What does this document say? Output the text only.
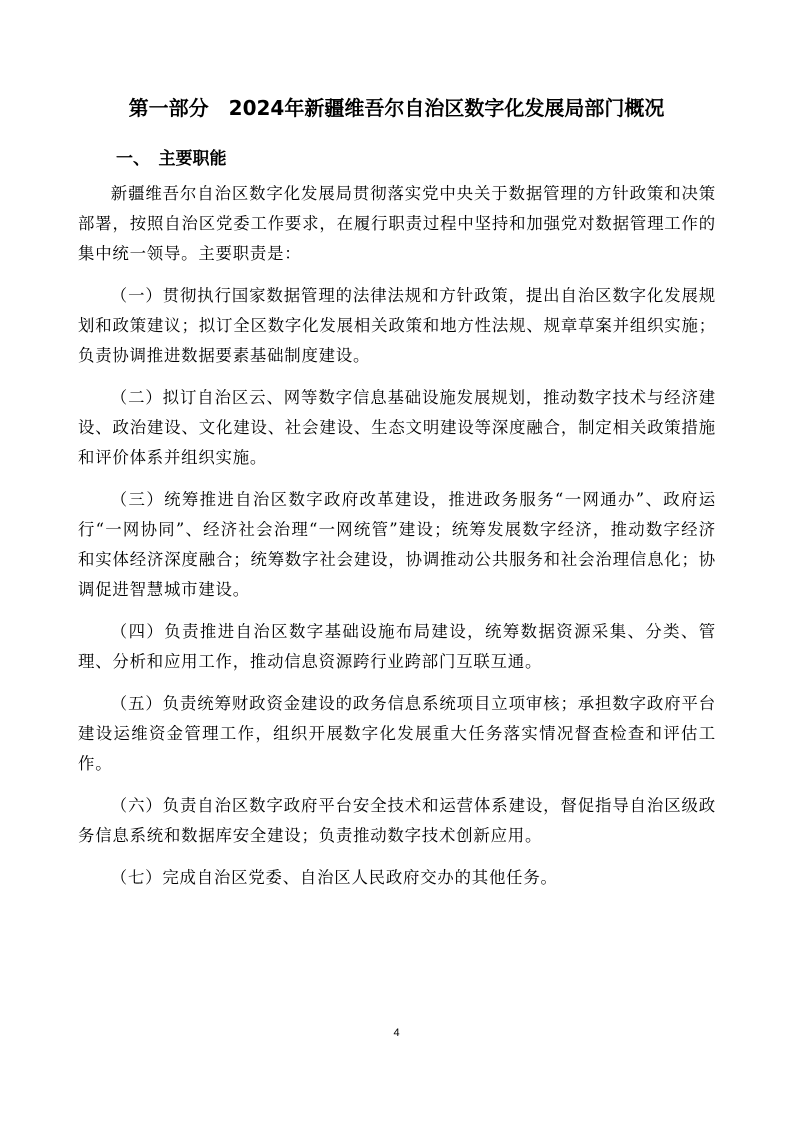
第一部分　2024年新疆维吾尔自治区数字化发展局部门概况
一、　主要职能

新疆维吾尔自治区数字化发展局贯彻落实党中央关于数据管理的方针政策和决策部署，按照自治区党委工作要求，在履行职责过程中坚持和加强党对数据管理工作的集中统一领导。主要职责是：

（一）贯彻执行国家数据管理的法律法规和方针政策，提出自治区数字化发展规划和政策建议；拟订全区数字化发展相关政策和地方性法规、规章草案并组织实施；负责协调推进数据要素基础制度建设。

（二）拟订自治区云、网等数字信息基础设施发展规划，推动数字技术与经济建设、政治建设、文化建设、社会建设、生态文明建设等深度融合，制定相关政策措施和评价体系并组织实施。

（三）统筹推进自治区数字政府改革建设，推进政务服务“一网通办”、政府运行“一网协同”、经济社会治理“一网统管”建设；统筹发展数字经济，推动数字经济和实体经济深度融合；统筹数字社会建设，协调推动公共服务和社会治理信息化；协调促进智慧城市建设。

（四）负责推进自治区数字基础设施布局建设，统筹数据资源采集、分类、管理、分析和应用工作，推动信息资源跨行业跨部门互联互通。

（五）负责统筹财政资金建设的政务信息系统项目立项审核；承担数字政府平台建设运维资金管理工作，组织开展数字化发展重大任务落实情况督查检查和评估工作。

（六）负责自治区数字政府平台安全技术和运营体系建设，督促指导自治区级政务信息系统和数据库安全建设；负责推动数字技术创新应用。

（七）完成自治区党委、自治区人民政府交办的其他任务。

4
